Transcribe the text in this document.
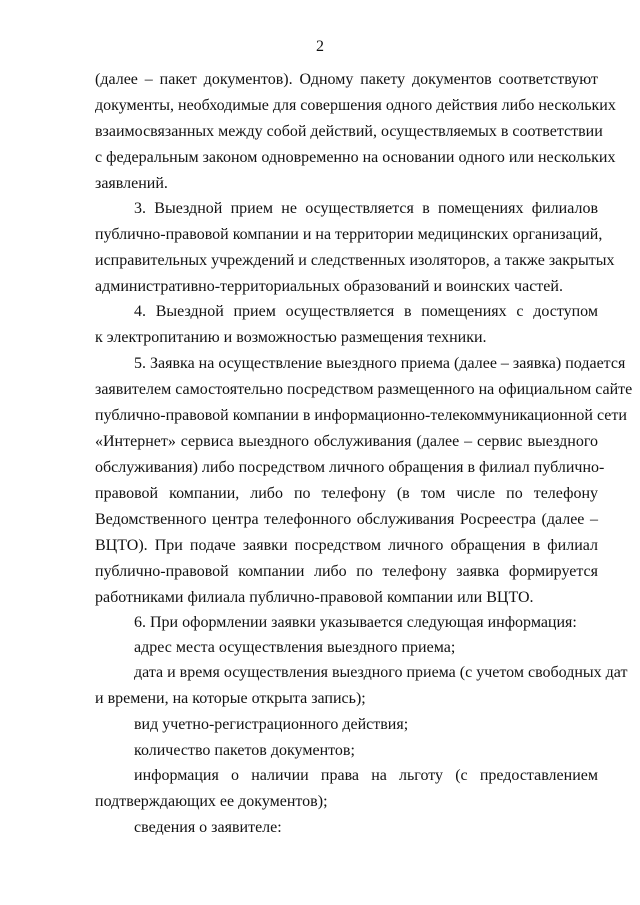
2
(далее – пакет документов). Одному пакету документов соответствуют
документы, необходимые для совершения одного действия либо нескольких
взаимосвязанных между собой действий, осуществляемых в соответствии
с федеральным законом одновременно на основании одного или нескольких
заявлений.
3. Выездной прием не осуществляется в помещениях филиалов
публично-правовой компании и на территории медицинских организаций,
исправительных учреждений и следственных изоляторов, а также закрытых
административно-территориальных образований и воинских частей.
4. Выездной прием осуществляется в помещениях с доступом
к электропитанию и возможностью размещения техники.
5. Заявка на осуществление выездного приема (далее – заявка) подается
заявителем самостоятельно посредством размещенного на официальном сайте
публично-правовой компании в информационно-телекоммуникационной сети
«Интернет» сервиса выездного обслуживания (далее – сервис выездного
обслуживания) либо посредством личного обращения в филиал публично-
правовой компании, либо по телефону (в том числе по телефону
Ведомственного центра телефонного обслуживания Росреестра (далее –
ВЦТО). При подаче заявки посредством личного обращения в филиал
публично-правовой компании либо по телефону заявка формируется
работниками филиала публично-правовой компании или ВЦТО.
6. При оформлении заявки указывается следующая информация:
адрес места осуществления выездного приема;
дата и время осуществления выездного приема (с учетом свободных дат
и времени, на которые открыта запись);
вид учетно-регистрационного действия;
количество пакетов документов;
информация о наличии права на льготу (с предоставлением
подтверждающих ее документов);
сведения о заявителе:
